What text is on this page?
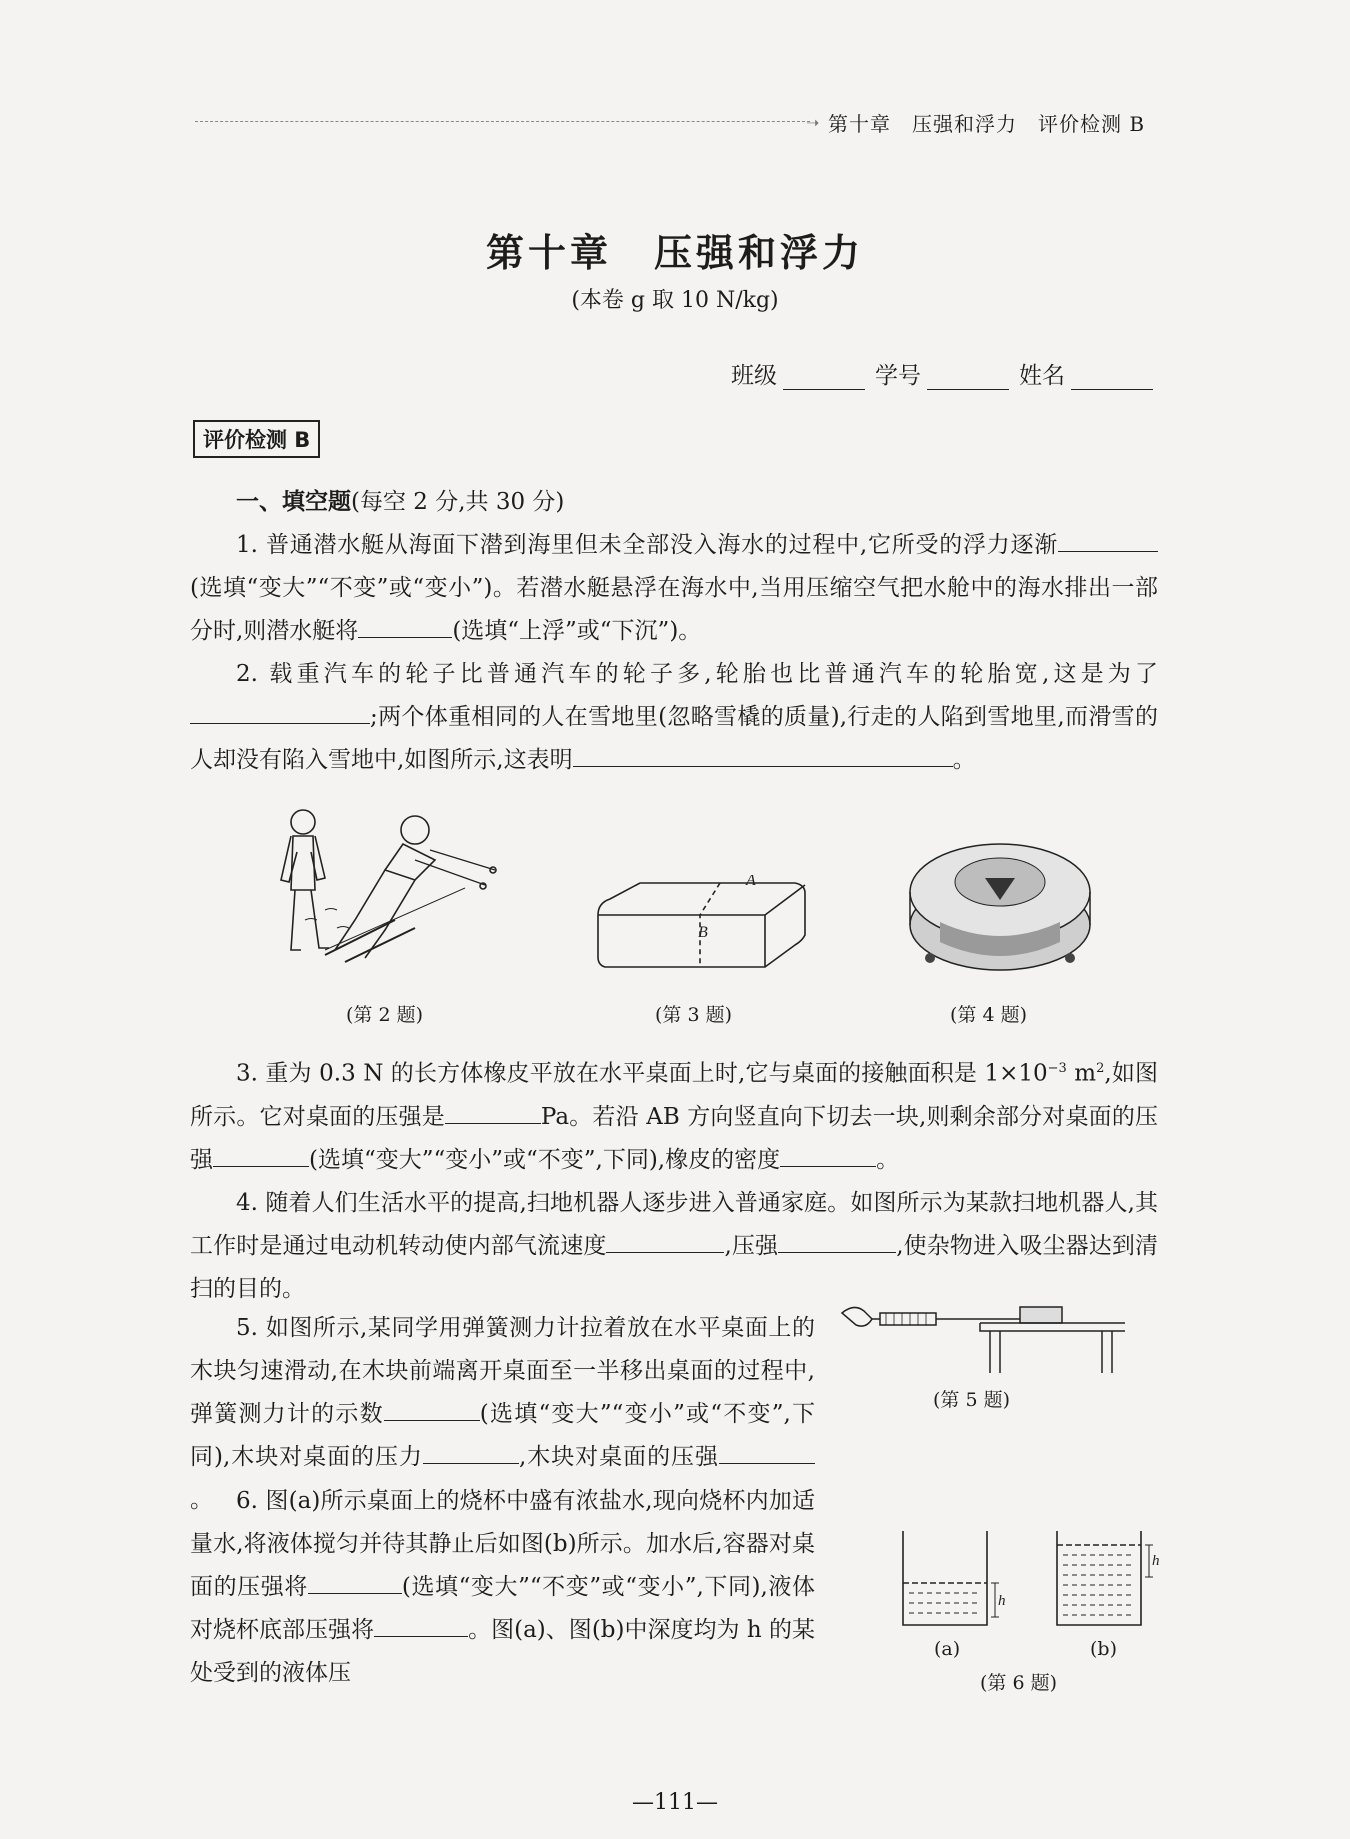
➝ 第十章　压强和浮力　评价检测 B
第十章　压强和浮力
(本卷 g 取 10 N/kg)
班级	学号	姓名
评价检测 B

一、填空题(每空 2 分,共 30 分)

1. 普通潜水艇从海面下潜到海里但未全部没入海水的过程中,它所受的浮力逐渐(选填“变大”“不变”或“变小”)。若潜水艇悬浮在海水中,当用压缩空气把水舱中的海水排出一部分时,则潜水艇将	(选填“上浮”或“下沉”)。

2. 载重汽车的轮子比普通汽车的轮子多,轮胎也比普通汽车的轮胎宽,这是为了;两个体重相同的人在雪地里(忽略雪橇的质量),行走的人陷到雪地里,而滑雪的人却没有陷入雪地中,如图所示,这表明	。

(第 2 题)
A
B
(第 3 题)	(第 4 题)

3. 重为 0.3 N 的长方体橡皮平放在水平桌面上时,它与桌面的接触面积是 $1\times 10^{-3}$ $m^2$,如图所示。它对桌面的压强是	Pa。若沿 AB 方向竖直向下切去一块,则剩余部分对桌面的压强	(选填“变大”“变小”或“不变”,下同),橡皮的密度	。

4. 随着人们生活水平的提高,扫地机器人逐步进入普通家庭。如图所示为某款扫地机器人,其工作时是通过电动机转动使内部气流速度	,压强	,使杂物进入吸尘器达到清扫的目的。

5. 如图所示,某同学用弹簧测力计拉着放在水平桌面上的木块匀速滑动,在木块前端离开桌面至一半移出桌面的过程中,弹簧测力计的示数	(选填“变大”“变小”或“不变”,下同),木块对桌面的压力	,木块对桌面的压强。

(第 5 题)

6. 图(a)所示桌面上的烧杯中盛有浓盐水,现向烧杯内加适量水,将液体搅匀并待其静止后如图(b)所示。加水后,容器对桌面的压强将	(选填“变大”“不变”或“变小”,下同),液体对烧杯底部压强将	。图(a)、图(b)中深度均为 h 的某处受到的液体压

h
h
(a)	(b)
(第 6 题)
—111—
